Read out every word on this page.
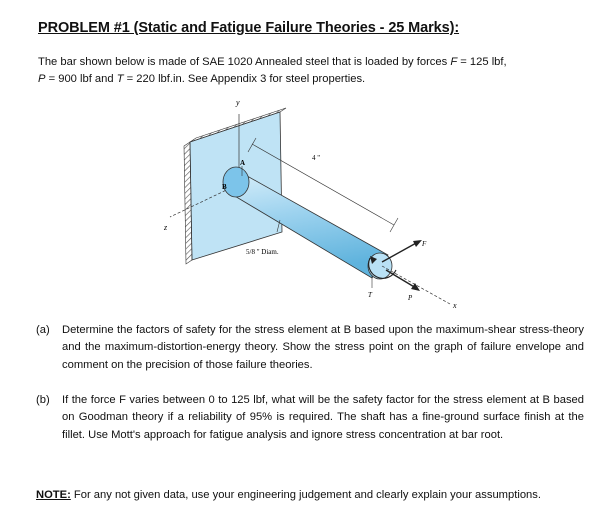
PROBLEM #1 (Static and Fatigue Failure Theories - 25 Marks):
The bar shown below is made of SAE 1020 Annealed steel that is loaded by forces F = 125 lbf,
P = 900 lbf and T = 220 lbf.in. See Appendix 3 for steel properties.
y
z
A
B
4 "
5/8 " Diam.
x
F
P
T
(a)	Determine the factors of safety for the stress element at B based upon the maximum-shear stress-theory and the maximum-distortion-energy theory. Show the stress point on the graph of failure envelope and comment on the precision of those failure theories.
(b)	If the force F varies between 0 to 125 lbf, what will be the safety factor for the stress element at B based on Goodman theory if a reliability of 95% is required. The shaft has a fine-ground surface finish at the fillet. Use Mott's approach for fatigue analysis and ignore stress concentration at bar root.
NOTE: For any not given data, use your engineering judgement and clearly explain your assumptions.
